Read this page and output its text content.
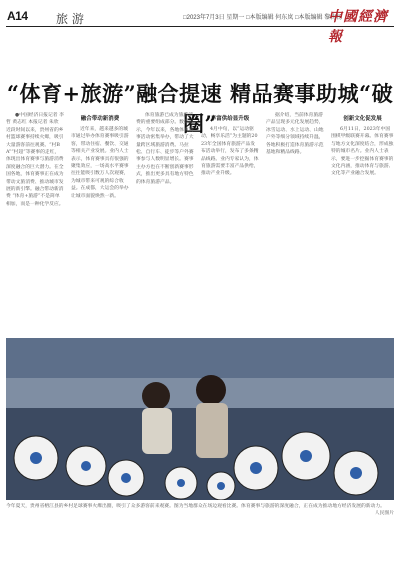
A14 旅 游	□2023年7月3日 星期一 □本版编辑 何东岚 □本版编辑 黎梅杨
中國經濟報
“体育+旅游”融合提速 精品赛事助城“破圈”

●中国经济日报记者 李哲 黄志红 本报记者 朱欣 近段时间以来，贵州省的乡村篮球赛事持续火爆，吸引大量游客前往观赛。“村BA”“村超”等赛事的走红，体现出体育赛事与旅游消费深度融合的巨大潜力。在全国各地，体育赛事正在成为带动文旅消费、推动城市发展的新引擎。融合带动新消费 “体育+旅游”不是简单相加，而是一种化学反应。

融合带动新消费

近年来，越来越多的城市通过举办体育赛事吸引游客，带动住宿、餐饮、交通等相关产业发展。业内人士表示，体育赛事具有很强的聚集效应，一场高水平赛事往往能吸引数万人次观赛，为城市带来可观的综合收益。在成都，大运会的举办让城市面貌焕然一新。

体育旅游已成为旅游消费的重要组成部分。数据显示，今年以来，各地体育赛事活动密集举办，带动了大量跨区域旅游消费。马拉松、自行车、徒步等户外赛事参与人数明显增长。赛事主办方也在不断创新赛事形式，推出更多具有地方特色的体育旅游产品。

丰富供给显升级

4月中旬，以“运动驱动，畅享乐活”为主题的2023年全国体育旅游产品发布活动举行，发布了多条精品线路。业内专家认为，体育旅游需要丰富产品供给，推动产业升级。

据介绍，当前体育旅游产品呈现多元化发展趋势，冰雪运动、水上运动、山地户外等细分领域持续升温，各地积极打造体育旅游示范基地和精品线路。

创新文化促发展

6月11日，2023年中国围棋甲级联赛开幕。体育赛事与地方文化深度结合，形成独特的城市名片。业内人士表示，要进一步挖掘体育赛事的文化内涵，推动体育与旅游、文化等产业融合发展。

今年夏天，贵州省榕江县的乡村足球赛事火爆出圈，吸引了众多游客前来观赛。图为当地群众在场边观看比赛。体育赛事与旅游的深度融合，正在成为推动地方经济发展的新动力。
人民图片
